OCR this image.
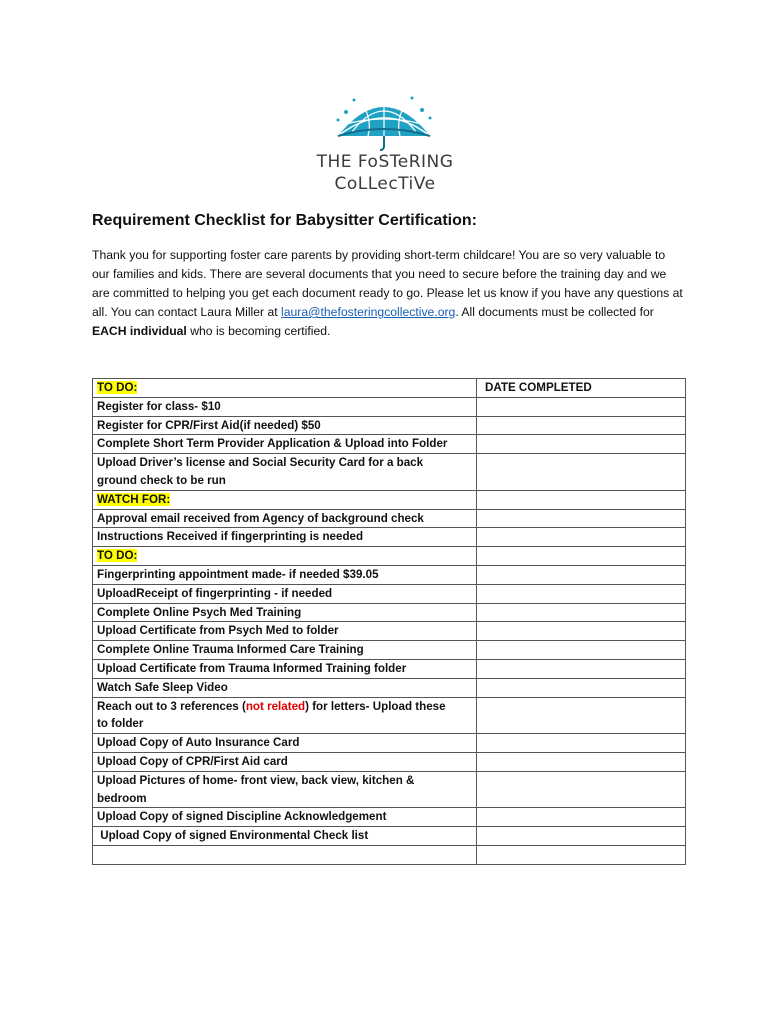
THE FoSTeRING
CoLLecTiVe
Requirement Checklist for Babysitter Certification:

Thank you for supporting foster care parents by providing short-term childcare! You are so very valuable to our families and kids. There are several documents that you need to secure before the training day and we are committed to helping you get each document ready to go. Please let us know if you have any questions at all. You can contact Laura Miller at laura@thefosteringcollective.org. All documents must be collected for EACH individual who is becoming certified.

TO DO:	DATE COMPLETED
Register for class- $10	
Register for CPR/First Aid(if needed) $50	
Complete Short Term Provider Application & Upload into Folder	
Upload Driver’s license and Social Security Card for a back
ground check to be run	
WATCH FOR:	
Approval email received from Agency of background check	
Instructions Received if fingerprinting is needed	
TO DO:	
Fingerprinting appointment made- if needed $39.05	
UploadReceipt of fingerprinting - if needed	
Complete Online Psych Med Training	
Upload Certificate from Psych Med to folder	
Complete Online Trauma Informed Care Training	
Upload Certificate from Trauma Informed Training folder	
Watch Safe Sleep Video	
Reach out to 3 references (not related) for letters- Upload these
to folder	
Upload Copy of Auto Insurance Card	
Upload Copy of CPR/First Aid card	
Upload Pictures of home- front view, back view, kitchen &
bedroom	
Upload Copy of signed Discipline Acknowledgement	
Upload Copy of signed Environmental Check list	
